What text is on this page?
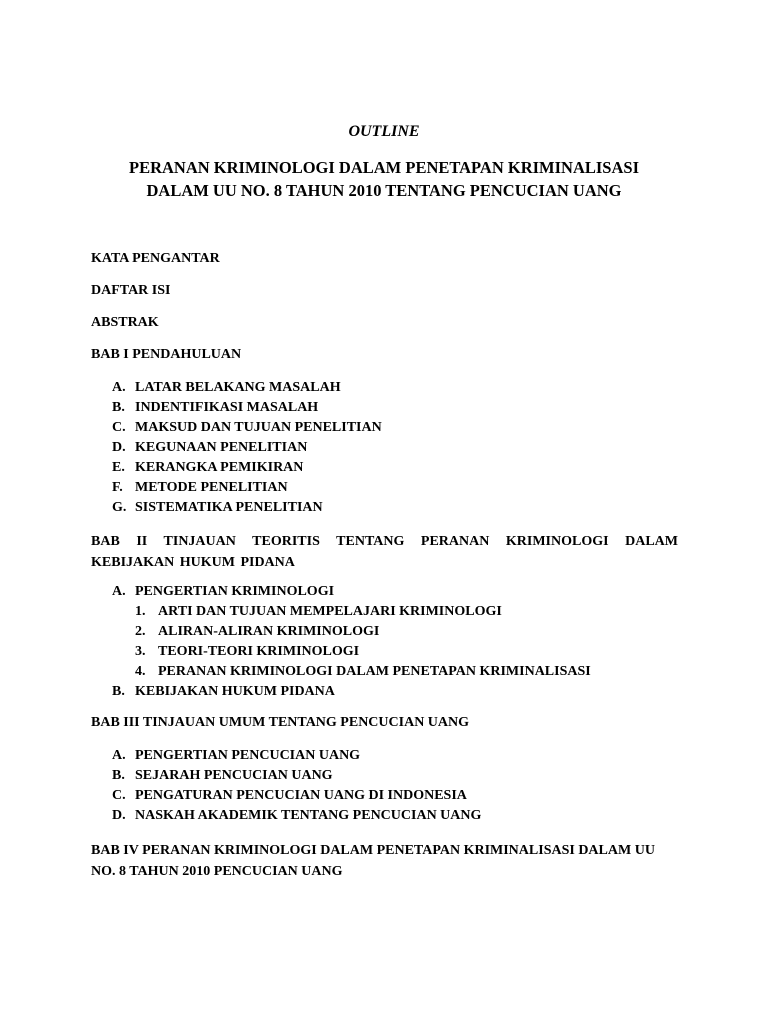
OUTLINE
PERANAN KRIMINOLOGI DALAM PENETAPAN KRIMINALISASI
DALAM UU NO. 8 TAHUN 2010 TENTANG PENCUCIAN UANG
KATA PENGANTAR
DAFTAR ISI
ABSTRAK
BAB I PENDAHULUAN
A. LATAR BELAKANG MASALAH
B. INDENTIFIKASI MASALAH
C. MAKSUD DAN TUJUAN PENELITIAN
D. KEGUNAAN PENELITIAN
E. KERANGKA PEMIKIRAN
F. METODE PENELITIAN
G. SISTEMATIKA PENELITIAN
BAB II TINJAUAN TEORITIS TENTANG PERANAN KRIMINOLOGI DALAM KEBIJAKAN HUKUM PIDANA
A. PENGERTIAN KRIMINOLOGI
1. ARTI DAN TUJUAN MEMPELAJARI KRIMINOLOGI
2. ALIRAN-ALIRAN KRIMINOLOGI
3. TEORI-TEORI KRIMINOLOGI
4. PERANAN KRIMINOLOGI DALAM PENETAPAN KRIMINALISASI
B. KEBIJAKAN HUKUM PIDANA
BAB III TINJAUAN UMUM TENTANG PENCUCIAN UANG
A. PENGERTIAN PENCUCIAN UANG
B. SEJARAH PENCUCIAN UANG
C. PENGATURAN PENCUCIAN UANG DI INDONESIA
D. NASKAH AKADEMIK TENTANG PENCUCIAN UANG
BAB IV PERANAN KRIMINOLOGI DALAM PENETAPAN KRIMINALISASI DALAM UU NO. 8 TAHUN 2010 PENCUCIAN UANG
